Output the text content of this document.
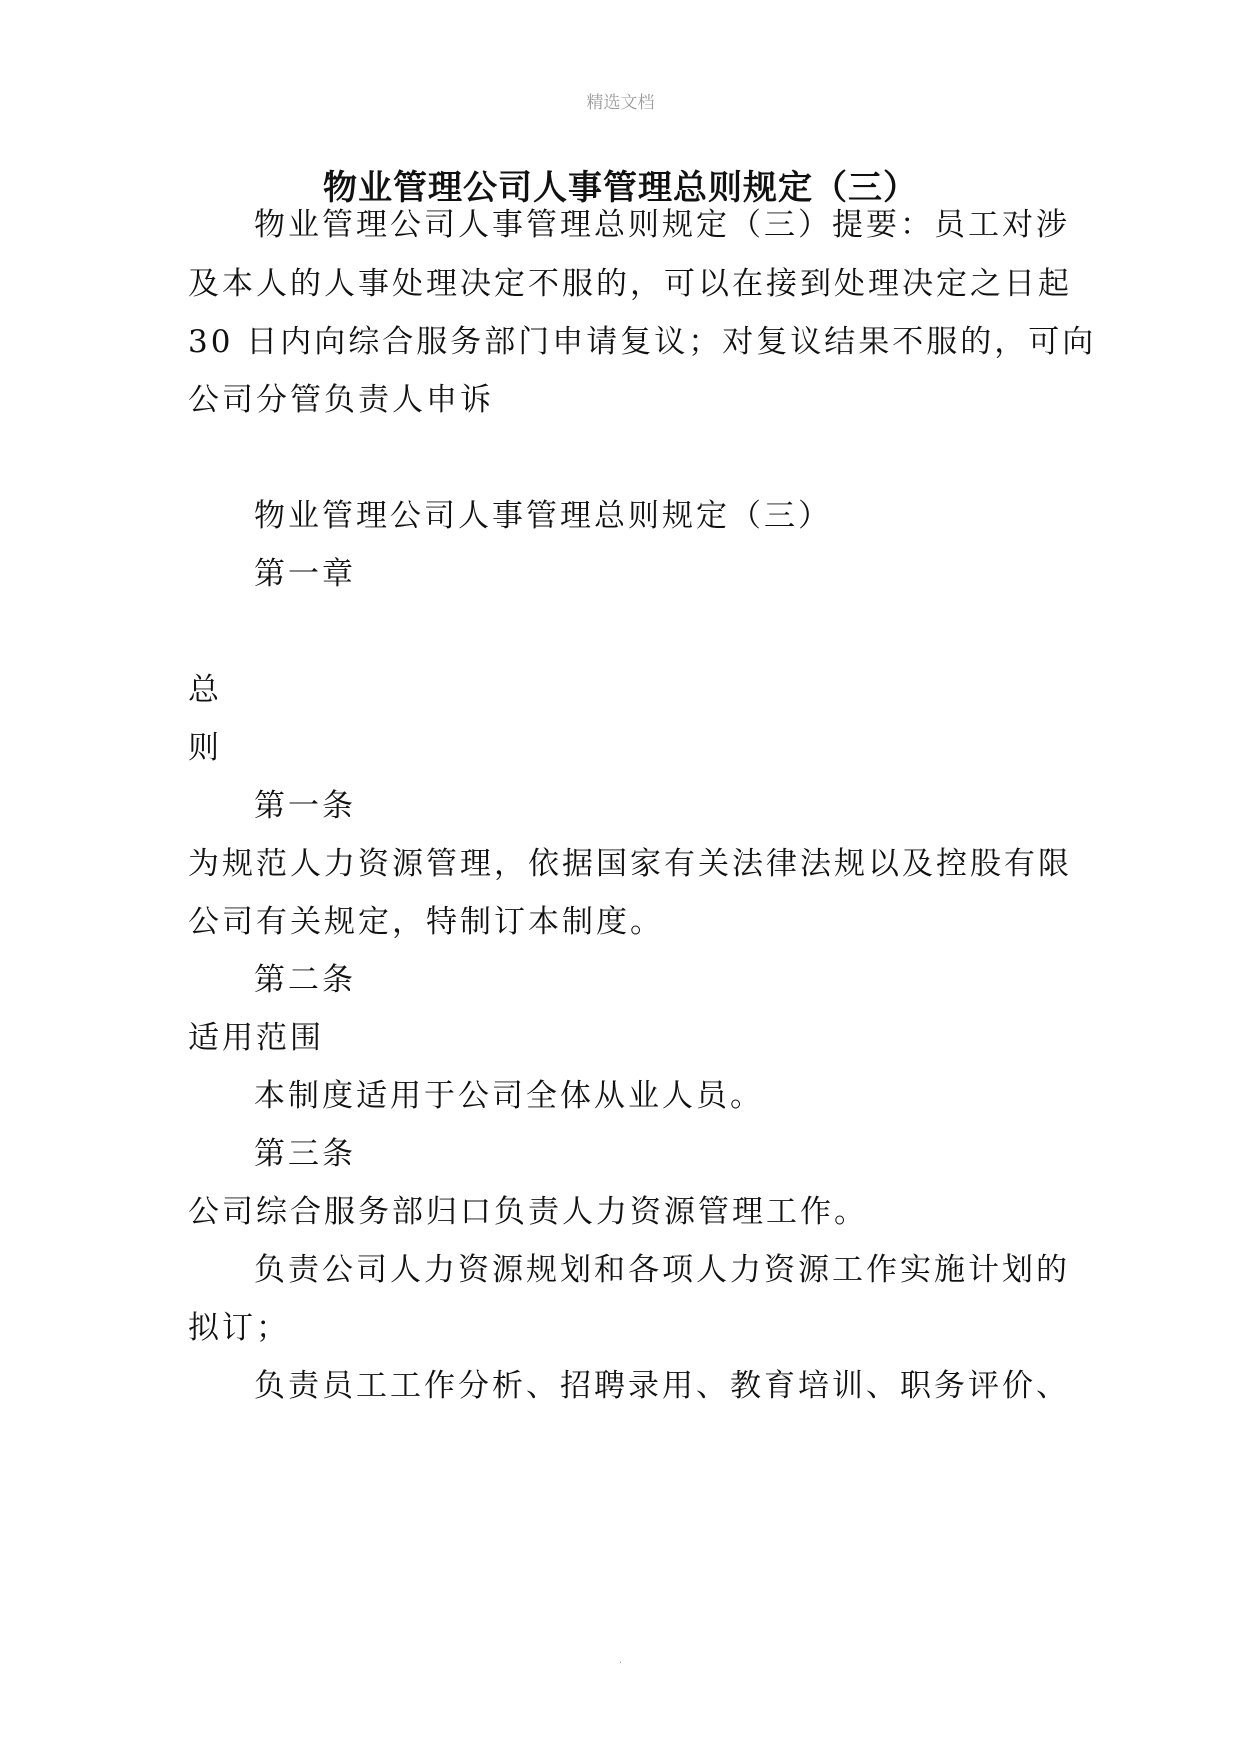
精选文档
物业管理公司人事管理总则规定（三）
物业管理公司人事管理总则规定（三）提要：员工对涉
及本人的人事处理决定不服的，可以在接到处理决定之日起
30 日内向综合服务部门申请复议；对复议结果不服的，可向
公司分管负责人申诉
物业管理公司人事管理总则规定（三）
第一章
总
则
第一条
为规范人力资源管理，依据国家有关法律法规以及控股有限
公司有关规定，特制订本制度。
第二条
适用范围
本制度适用于公司全体从业人员。
第三条
公司综合服务部归口负责人力资源管理工作。
负责公司人力资源规划和各项人力资源工作实施计划的
拟订；
负责员工工作分析、招聘录用、教育培训、职务评价、
.
